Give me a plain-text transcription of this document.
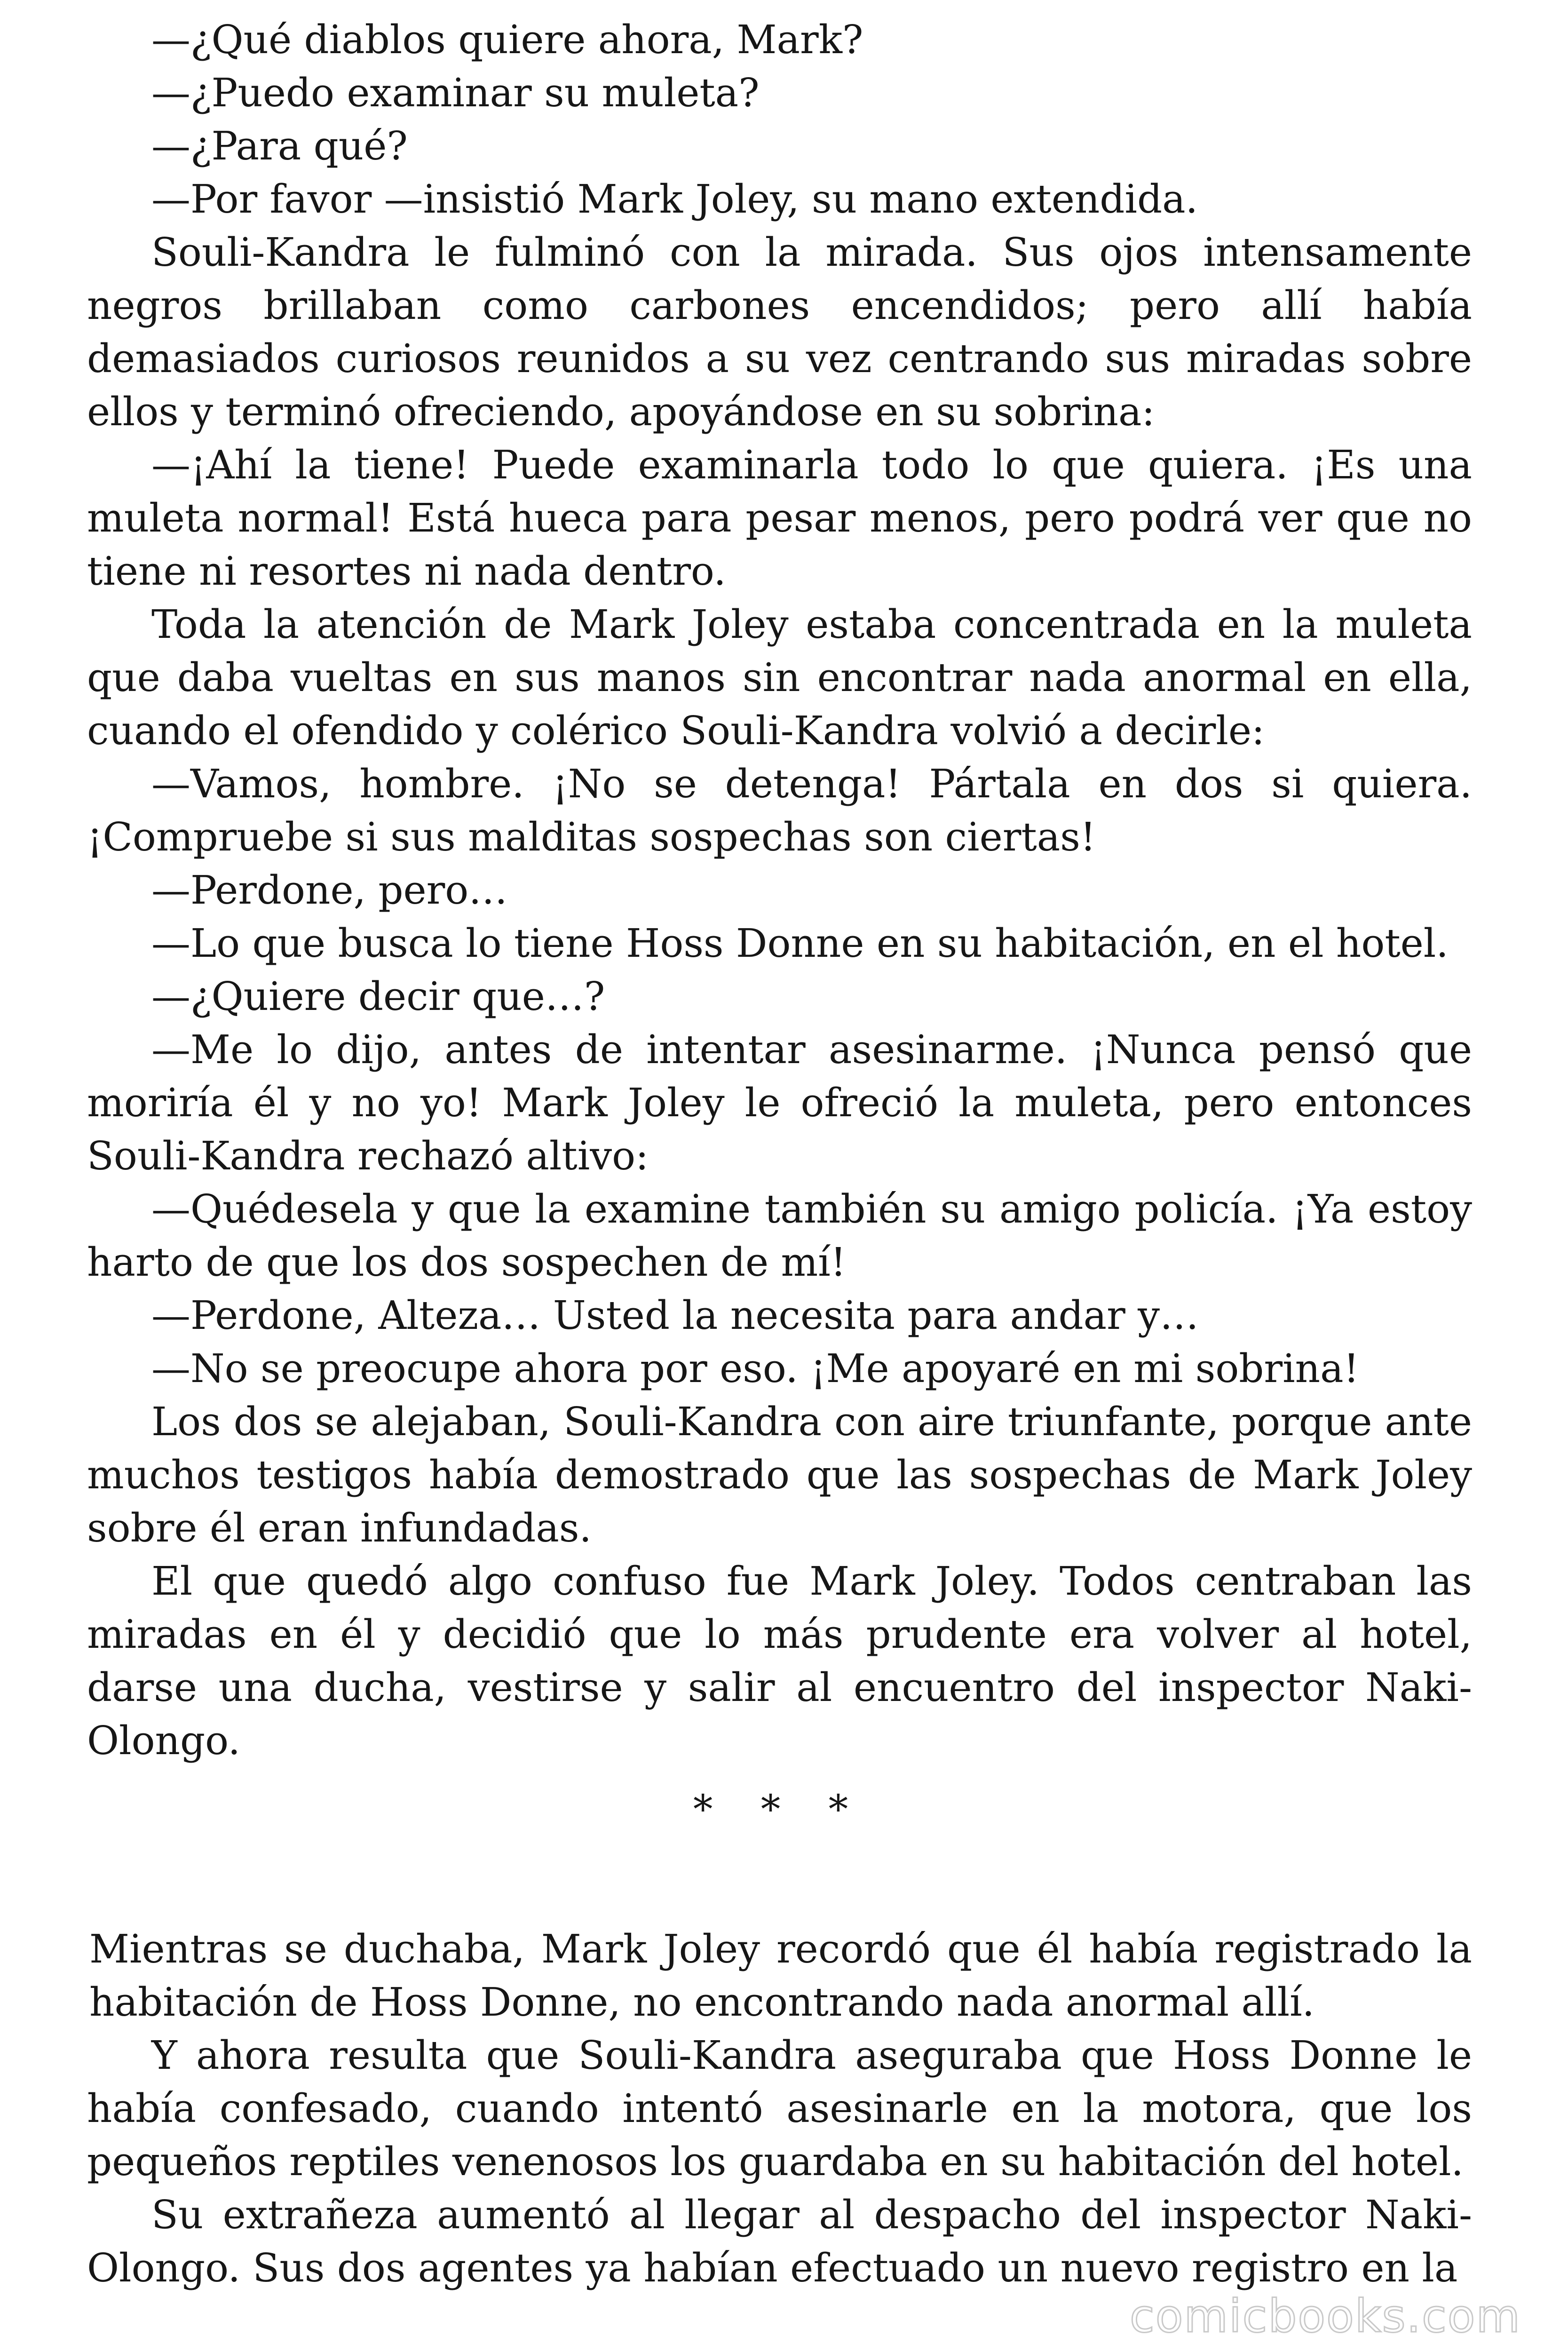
—¿Qué diablos quiere ahora, Mark?

—¿Puedo examinar su muleta?

—¿Para qué?

—Por favor —insistió Mark Joley, su mano extendida.

Souli-Kandra le fulminó con la mirada. Sus ojos intensamente negros brillaban como carbones encendidos; pero allí había demasiados curiosos reunidos a su vez centrando sus miradas sobre ellos y terminó ofreciendo, apoyándose en su sobrina:

—¡Ahí la tiene! Puede examinarla todo lo que quiera. ¡Es una muleta normal! Está hueca para pesar menos, pero podrá ver que no tiene ni resortes ni nada dentro.

Toda la atención de Mark Joley estaba concentrada en la muleta que daba vueltas en sus manos sin encontrar nada anormal en ella, cuando el ofendido y colérico Souli-Kandra volvió a decirle:

—Vamos, hombre. ¡No se detenga! Pártala en dos si quiera. ¡Compruebe si sus malditas sospechas son ciertas!

—Perdone, pero…

—Lo que busca lo tiene Hoss Donne en su habitación, en el hotel.

—¿Quiere decir que…?

—Me lo dijo, antes de intentar asesinarme. ¡Nunca pensó que moriría él y no yo! Mark Joley le ofreció la muleta, pero entonces Souli-Kandra rechazó altivo:

—Quédesela y que la examine también su amigo policía. ¡Ya estoy harto de que los dos sospechen de mí!

—Perdone, Alteza… Usted la necesita para andar y…

—No se preocupe ahora por eso. ¡Me apoyaré en mi sobrina!

Los dos se alejaban, Souli-Kandra con aire triunfante, porque ante muchos testigos había demostrado que las sospechas de Mark Joley sobre él eran infundadas.

El que quedó algo confuso fue Mark Joley. Todos centraban las miradas en él y decidió que lo más prudente era volver al hotel, darse una ducha, vestirse y salir al encuentro del inspector Naki-Olongo.

* * *

Mientras se duchaba, Mark Joley recordó que él había registrado la habitación de Hoss Donne, no encontrando nada anormal allí.

Y ahora resulta que Souli-Kandra aseguraba que Hoss Donne le había confesado, cuando intentó asesinarle en la motora, que los pequeños reptiles venenosos los guardaba en su habitación del hotel.

Su extrañeza aumentó al llegar al despacho del inspector Naki-Olongo. Sus dos agentes ya habían efectuado un nuevo registro en la

comicbooks.com
